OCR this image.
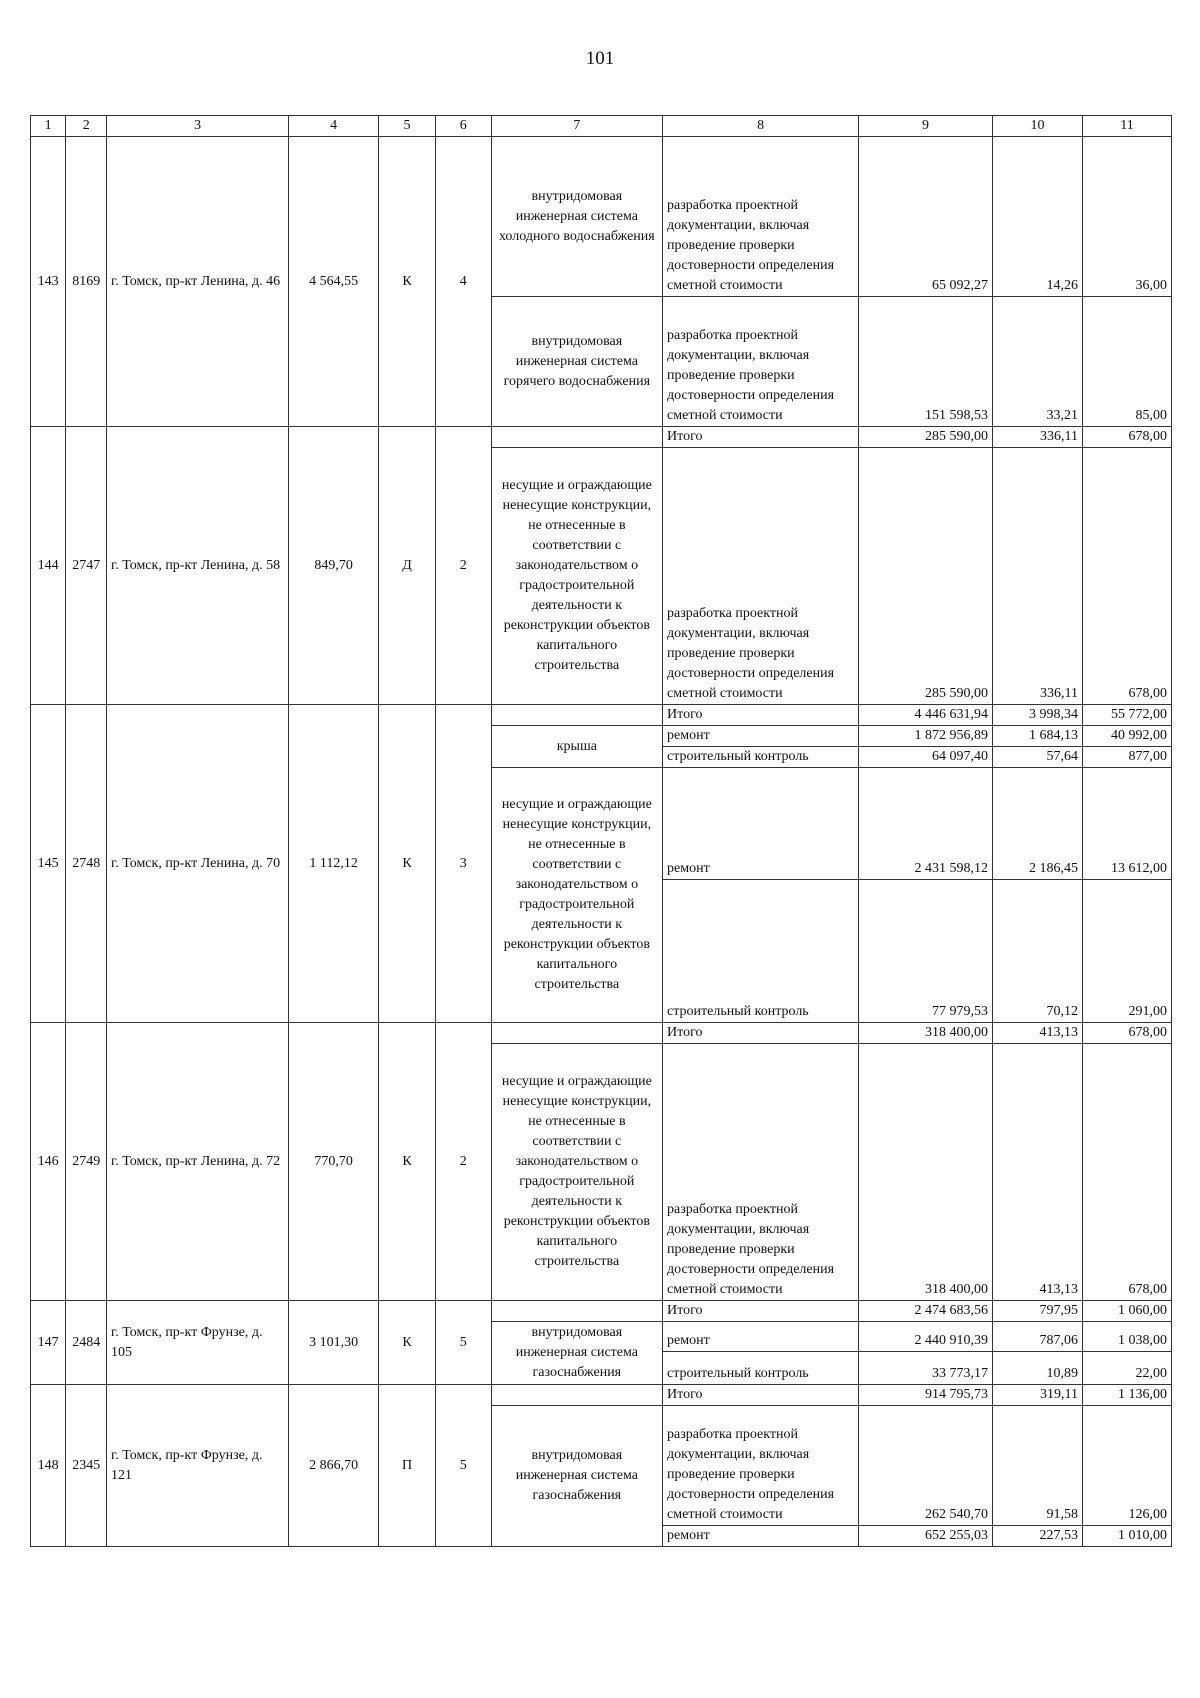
101
1	2	3	4	5	6	7	8	9	10	11
143	8169	г. Томск, пр-кт Ленина, д. 46	4 564,55	К	4	внутридомовая инженерная система холодного водоснабжения	разработка проектной документации, включая проведение проверки достоверности определения сметной стоимости	65 092,27	14,26	36,00

						внутридомовая инженерная система горячего водоснабжения	разработка проектной документации, включая проведение проверки достоверности определения сметной стоимости	151 598,53	33,21	85,00
144	2747	г. Томск, пр-кт Ленина, д. 58	849,70	Д	2		Итого	285 590,00	336,11	678,00

						несущие и ограждающие ненесущие конструкции, не отнесенные в соответствии с законодательством о градостроительной деятельности к реконструкции объектов капитального строительства	разработка проектной документации, включая проведение проверки достоверности определения сметной стоимости	285 590,00	336,11	678,00
145	2748	г. Томск, пр-кт Ленина, д. 70	1 112,12	К	3		Итого	4 446 631,94	3 998,34	55 772,00

						крыша	ремонт	1 872 956,89	1 684,13	40 992,00
							строительный контроль	64 097,40	57,64	877,00

						несущие и ограждающие ненесущие конструкции, не отнесенные в соответствии с законодательством о градостроительной деятельности к реконструкции объектов капитального строительства	ремонт	2 431 598,12	2 186,45	13 612,00
							строительный контроль	77 979,53	70,12	291,00
146	2749	г. Томск, пр-кт Ленина, д. 72	770,70	К	2		Итого	318 400,00	413,13	678,00

						несущие и ограждающие ненесущие конструкции, не отнесенные в соответствии с законодательством о градостроительной деятельности к реконструкции объектов капитального строительства	разработка проектной документации, включая проведение проверки достоверности определения сметной стоимости	318 400,00	413,13	678,00
147	2484	г. Томск, пр-кт Фрунзе, д. 105	3 101,30	К	5		Итого	2 474 683,56	797,95	1 060,00

						внутридомовая инженерная система газоснабжения	ремонт	2 440 910,39	787,06	1 038,00
							строительный контроль	33 773,17	10,89	22,00
148	2345	г. Томск, пр-кт Фрунзе, д. 121	2 866,70	П	5		Итого	914 795,73	319,11	1 136,00

						внутридомовая инженерная система газоснабжения	разработка проектной документации, включая проведение проверки достоверности определения сметной стоимости	262 540,70	91,58	126,00
							ремонт	652 255,03	227,53	1 010,00
